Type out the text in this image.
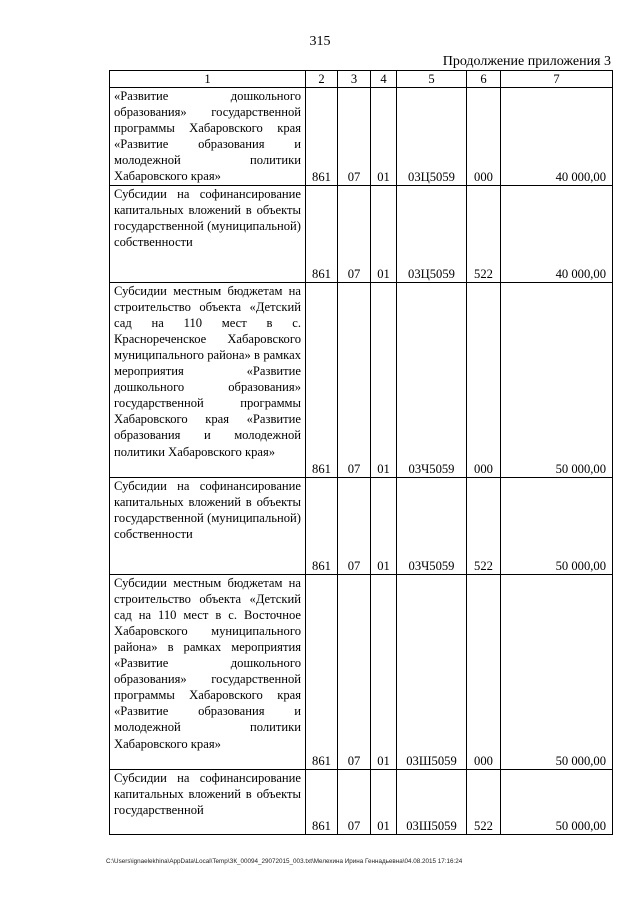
315
Продолжение приложения 3
1	2	3	4	5	6	7
«Развитие дошкольного образования» государственной программы Хабаровского края «Развитие образования и молодежной политики Хабаровского края»	861	07	01	03Ц5059	000	40 000,00
Субсидии на софинансирование капитальных вложений в объекты государственной (муниципальной) собственности	861	07	01	03Ц5059	522	40 000,00
Субсидии местным бюджетам на строительство объекта «Детский сад на 110 мест в с. Краснореченское Хабаровского муниципального района» в рамках мероприятия «Развитие дошкольного образования» государственной программы Хабаровского края «Развитие образования и молодежной политики Хабаровского края»	861	07	01	03Ч5059	000	50 000,00
Субсидии на софинансирование капитальных вложений в объекты государственной (муниципальной) собственности	861	07	01	03Ч5059	522	50 000,00
Субсидии местным бюджетам на строительство объекта «Детский сад на 110 мест в с. Восточное Хабаровского муниципального района» в рамках мероприятия «Развитие дошкольного образования» государственной программы Хабаровского края «Развитие образования и молодежной политики Хабаровского края»	861	07	01	03Ш5059	000	50 000,00
Субсидии на софинансирование капитальных вложений в объекты государственной	861	07	01	03Ш5059	522	50 000,00
C:\Users\ignaelekhina\AppData\Local\Temp\ЗК_00094_29072015_003.txt\Мелехина Ирина Геннадьевна\04.08.2015 17:16:24
